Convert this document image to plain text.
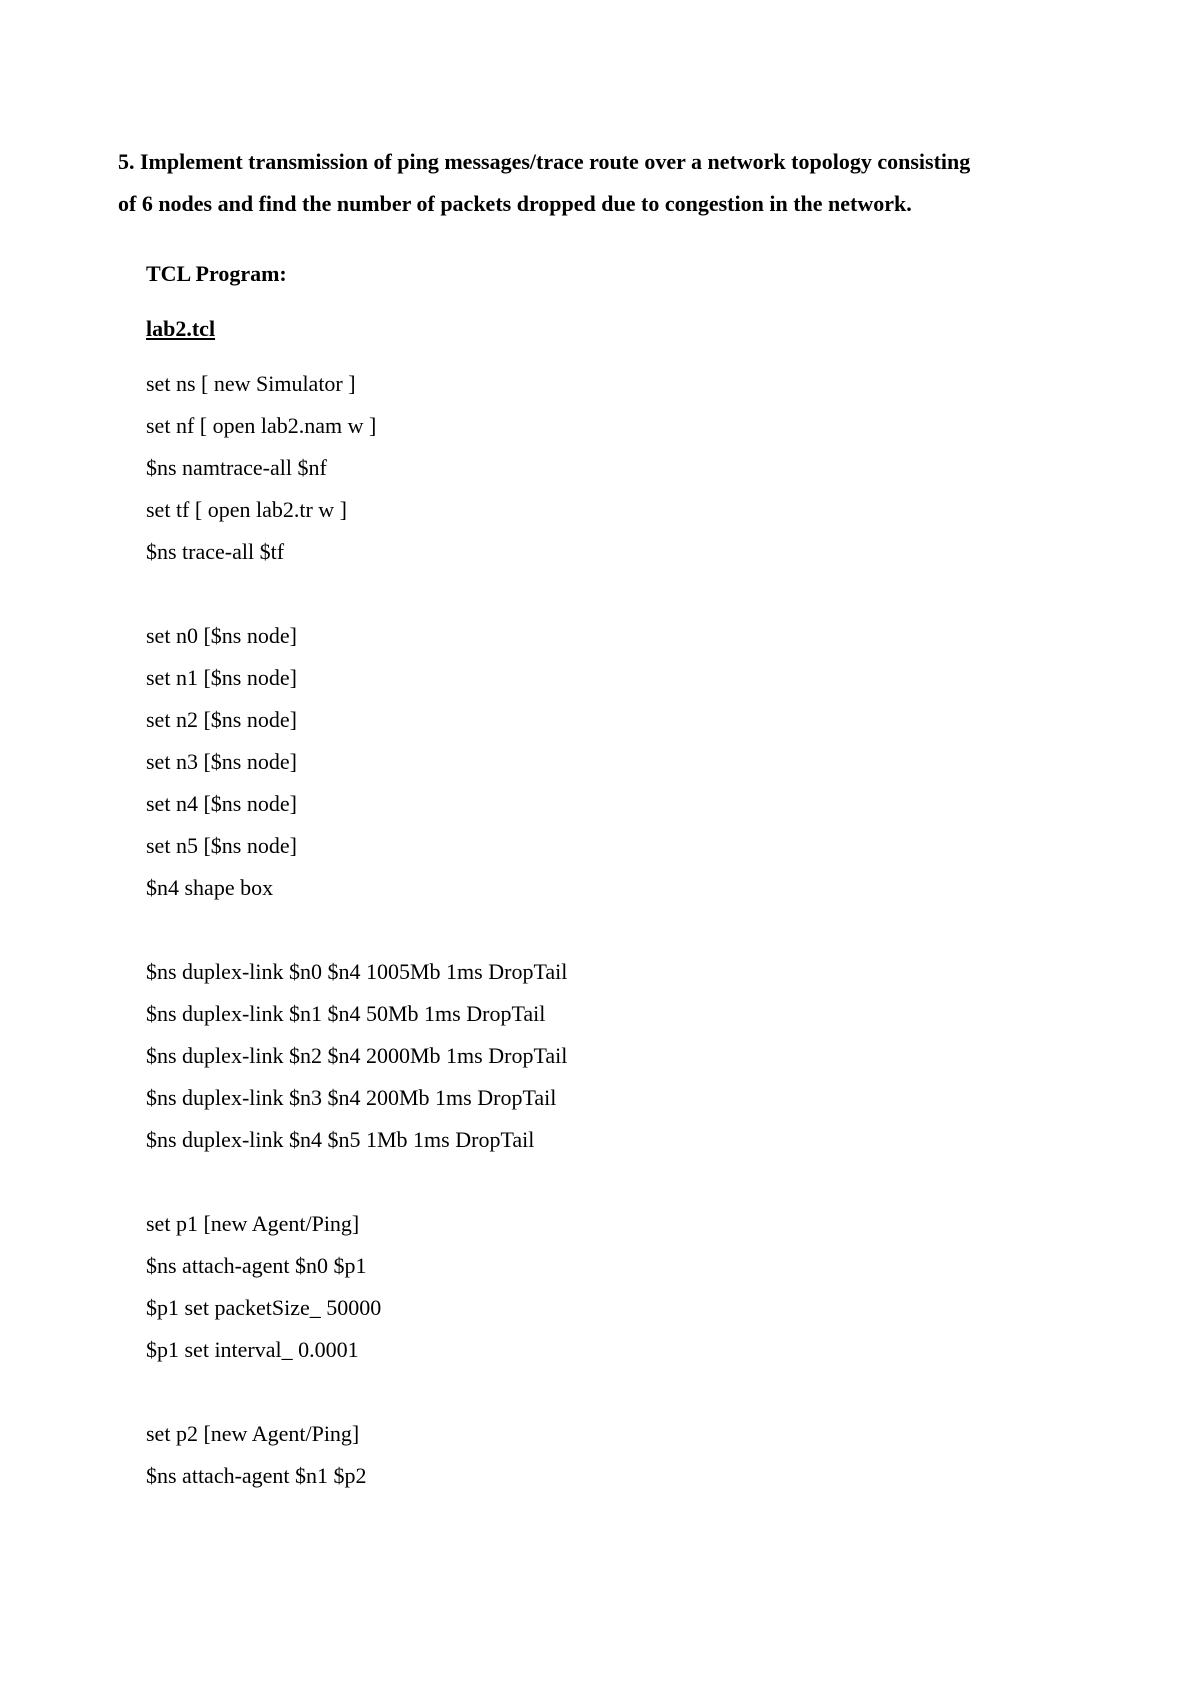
5. Implement transmission of ping messages/trace route over a network topology consisting
of 6 nodes and find the number of packets dropped due to congestion in the network.
TCL Program:
lab2.tcl
set ns [ new Simulator ]
set nf [ open lab2.nam w ]
$ns namtrace-all $nf
set tf [ open lab2.tr w ]
$ns trace-all $tf
set n0 [$ns node]
set n1 [$ns node]
set n2 [$ns node]
set n3 [$ns node]
set n4 [$ns node]
set n5 [$ns node]
$n4 shape box
$ns duplex-link $n0 $n4 1005Mb 1ms DropTail
$ns duplex-link $n1 $n4 50Mb 1ms DropTail
$ns duplex-link $n2 $n4 2000Mb 1ms DropTail
$ns duplex-link $n3 $n4 200Mb 1ms DropTail
$ns duplex-link $n4 $n5 1Mb 1ms DropTail
set p1 [new Agent/Ping]
$ns attach-agent $n0 $p1
$p1 set packetSize_ 50000
$p1 set interval_ 0.0001
set p2 [new Agent/Ping]
$ns attach-agent $n1 $p2
